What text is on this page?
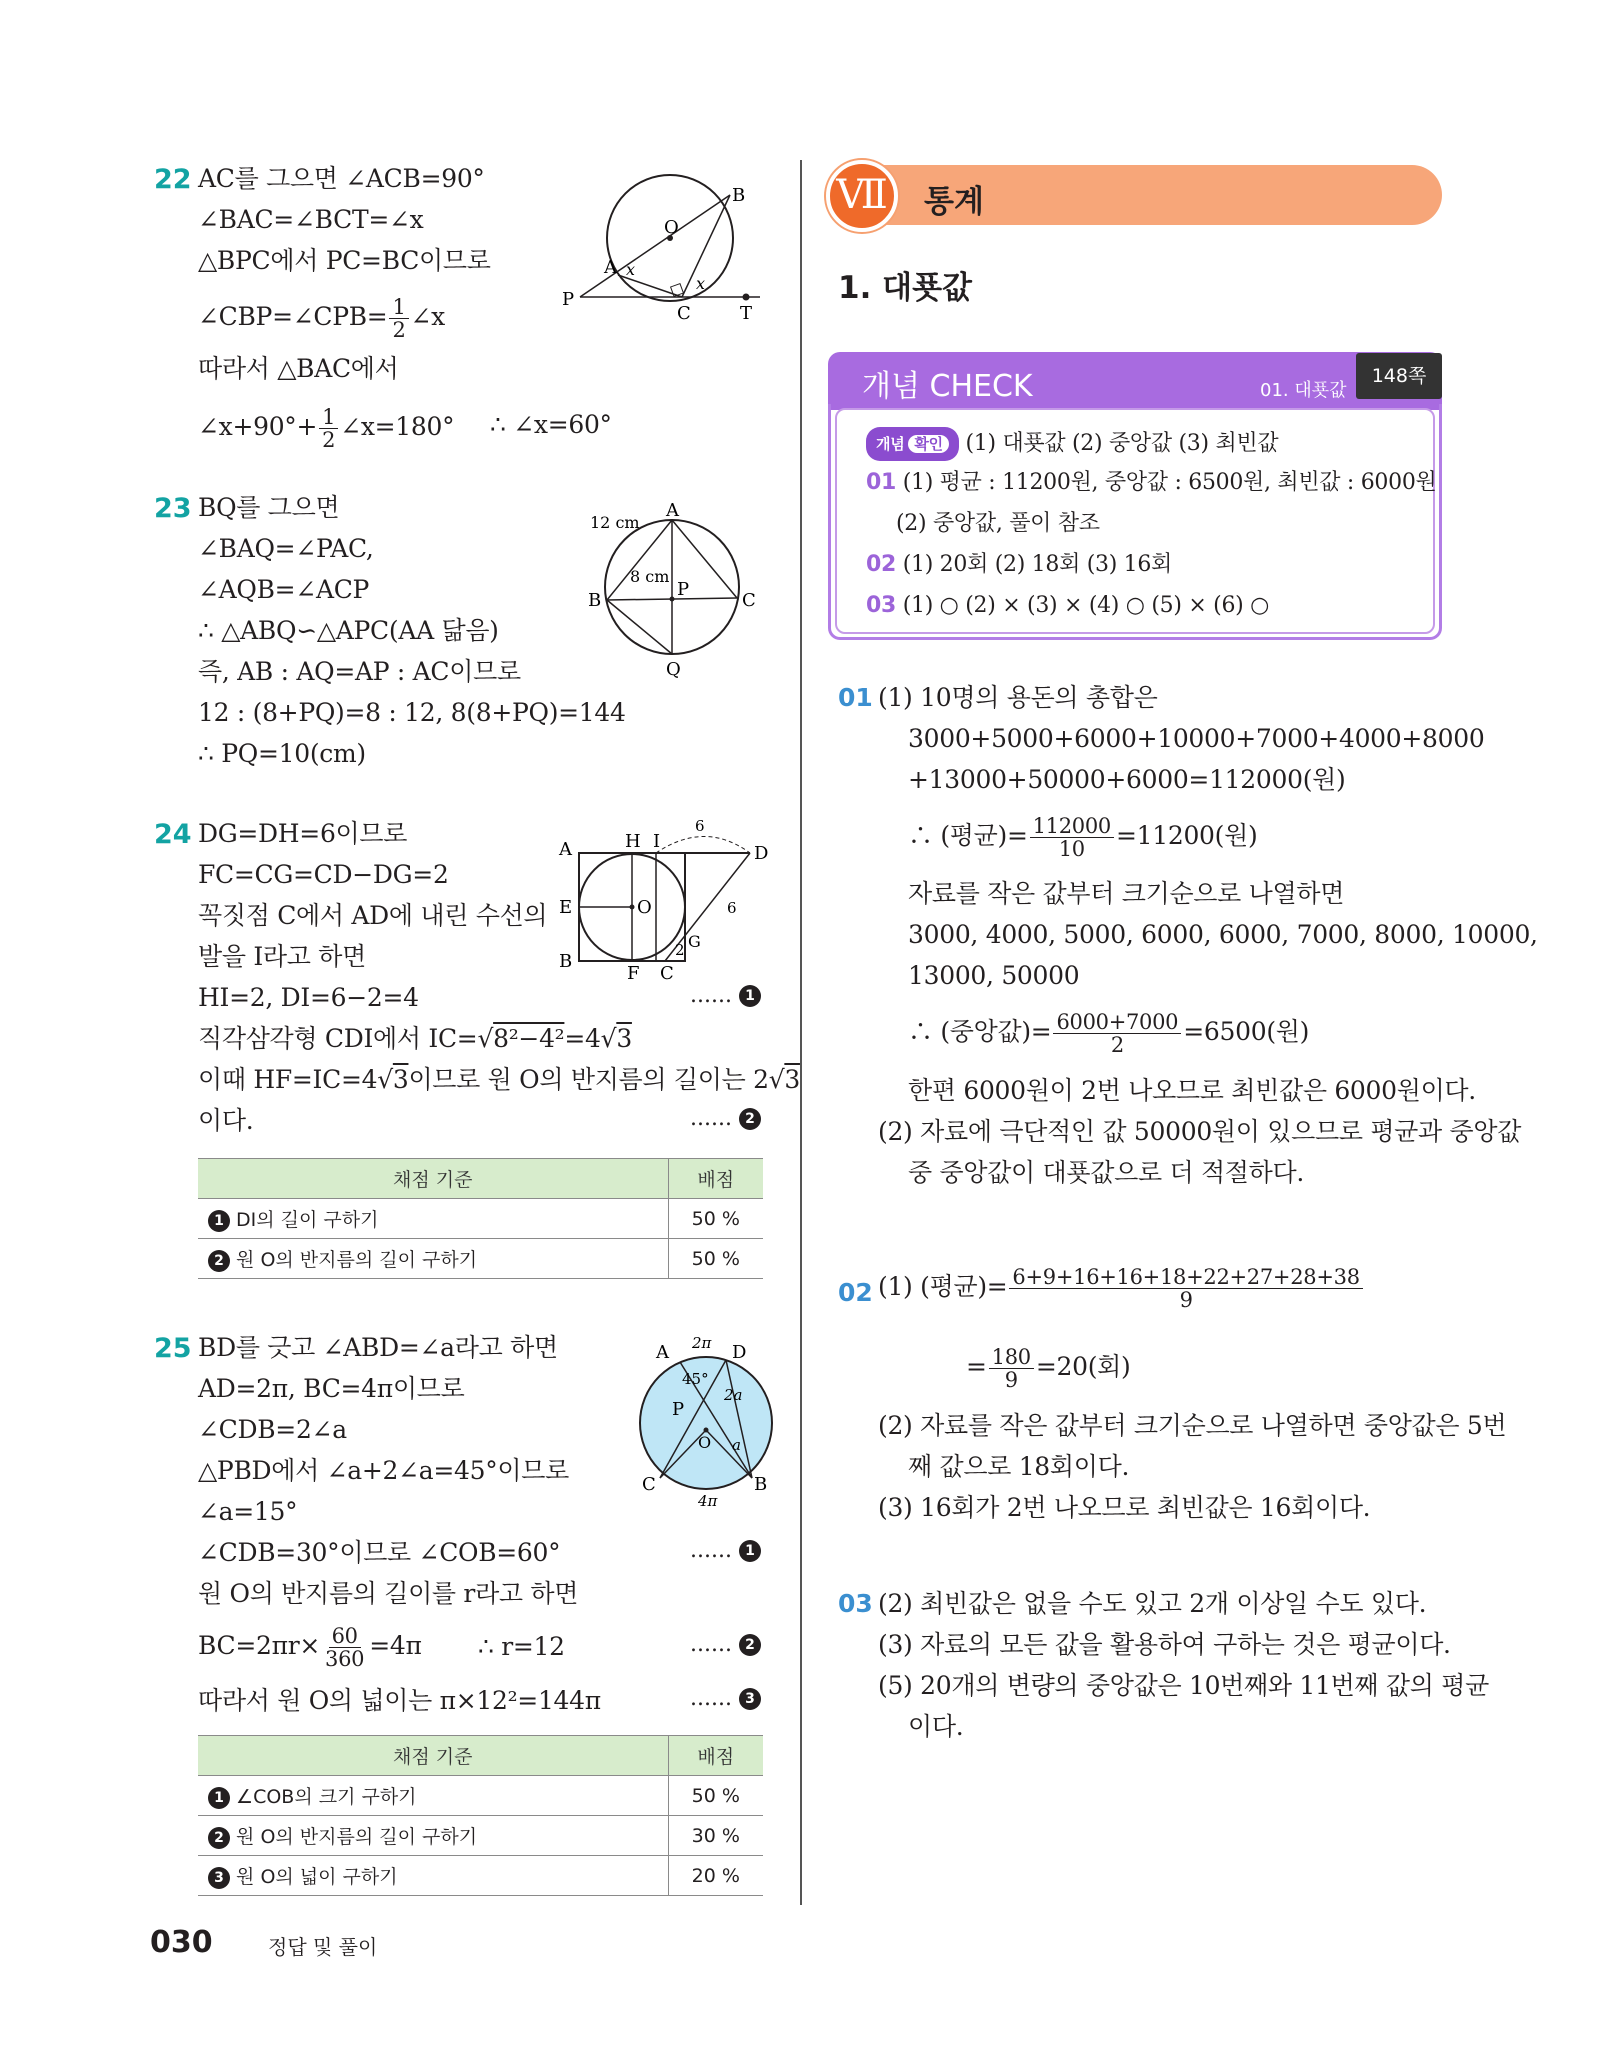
22 AC를 그으면 ∠ACB=90°
∠BAC=∠BCT=∠x
△BPC에서 PC=BC이므로
∠CBP=∠CPB= $\frac{1}{2}$ ∠x
따라서 △BAC에서
∠x+90°+ $\frac{1}{2}$ ∠x=180° ∴ ∠x=60°
B
O
A
P
C	T
x
x
23 BQ를 그으면
∠BAQ=∠PAC,
∠AQB=∠ACP
∴ △ABQ∽△APC(AA 닮음)
즉, AB : AQ=AP : AC이므로
12 : (8+PQ)=8 : 12, 8(8+PQ)=144
∴ PQ=10(cm)
12 cm
8 cm
A
B	C
P
Q
24 DG=DH=6이므로
FC=CG=CD−DG=2
꼭짓점 C에서 AD에 내린 수선의
발을 I라고 하면
HI=2, DI=6−2=4	...... 1
직각삼각형 CDI에서 IC=√8²−4²=4√3
이때 HF=IC=4√3이므로 원 O의 반지름의 길이는 2√3
이다.	...... 2
A	H I
6
D
E	O	6
G
2
B
F C
채점 기준	배점
1 DI의 길이 구하기	50 %
2 원 O의 반지름의 길이 구하기	50 %
25 BD를 긋고 ∠ABD=∠a라고 하면
AD=2π, BC=4π이므로
∠CDB=2∠a
△PBD에서 ∠a+2∠a=45°이므로
∠a=15°
∠CDB=30°이므로 ∠COB=60°	...... 1
원 O의 반지름의 길이를 r라고 하면
$BC=2\pi r\times \frac{60}{360} =4\pi$ ∴ r=12	...... 2
따라서 원 O의 넓이는 π×12²=144π	...... 3
A 2π D
45°
P
2a
O a
C	B
4π
채점 기준	배점
1 ∠COB의 크기 구하기	50 %
2 원 O의 반지름의 길이 구하기	30 %
3 원 O의 넓이 구하기	20 %
Ⅶ	통계
1. 대푯값
개념 CHECK	01. 대푯값
148쪽
개념 확인 (1) 대푯값 (2) 중앙값 (3) 최빈값
01 (1) 평균 : 11200원, 중앙값 : 6500원, 최빈값 : 6000원
(2) 중앙값, 풀이 참조
02 (1) 20회 (2) 18회 (3) 16회
03 (1) ○ (2) × (3) × (4) ○ (5) × (6) ○
01 (1) 10명의 용돈의 총합은
3000+5000+6000+10000+7000+4000+8000
+13000+50000+6000=112000(원)
∴ (평균)= $\frac{112000}{10} =11200$(원)
자료를 작은 값부터 크기순으로 나열하면
3000, 4000, 5000, 6000, 6000, 7000, 8000, 10000,
13000, 50000
∴ (중앙값)= $\frac{6000+7000}{2} =6500$(원)
한편 6000원이 2번 나오므로 최빈값은 6000원이다.
(2) 자료에 극단적인 값 50000원이 있으므로 평균과 중앙값
중 중앙값이 대푯값으로 더 적절하다.
02 (1) (평균)= $\frac{6+9+16+16+18+22+27+28+38}{9}$
= $\frac{180}{9} =20$(회)
(2) 자료를 작은 값부터 크기순으로 나열하면 중앙값은 5번
째 값으로 18회이다.
(3) 16회가 2번 나오므로 최빈값은 16회이다.
03 (2) 최빈값은 없을 수도 있고 2개 이상일 수도 있다.
(3) 자료의 모든 값을 활용하여 구하는 것은 평균이다.
(5) 20개의 변량의 중앙값은 10번째와 11번째 값의 평균
이다.
030	정답 및 풀이
